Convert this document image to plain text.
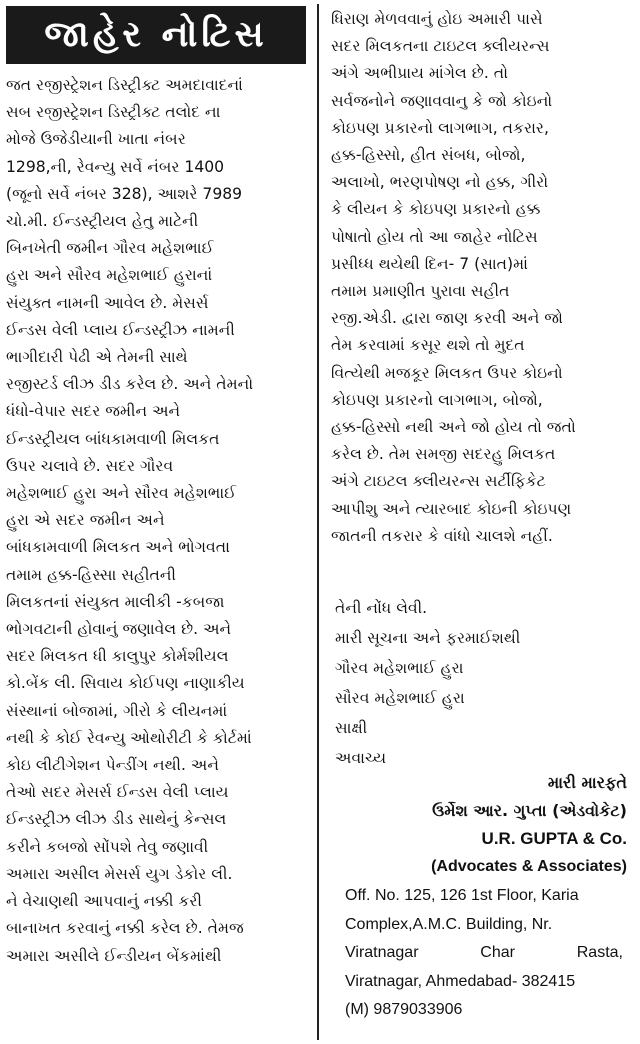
જાહેર નોટિસ
જત રજીસ્ટ્રેશન ડિસ્ટ્રીક્ટ અમદાવાદનાં
સબ રજીસ્ટ્રેશન ડિસ્ટ્રીક્ટ તલોદ ના
મોજે ઉજેડીયાની ખાતા નંબર
1298,ની, રેવન્યુ સર્વે નંબર 1400
(જૂનો સર્વે નંબર 328), આશરે 7989
ચો.મી. ઈન્ડસ્ટ્રીયલ હેતુ માટેની
બિનખેતી જમીન ગૌરવ મહેશભાઈ
હુરા અને સૌરવ મહેશભાઈ હુરાનાં
સંયુક્ત નામની આવેલ છે. મેસર્સ
ઈન્ડસ વેલી પ્લાય ઈન્ડસ્ટ્રીઝ નામની
ભાગીદારી પેઢી એ તેમની સાથે
રજીસ્ટર્ડ લીઝ ડીડ કરેલ છે. અને તેમનો
ધંધો-વેપાર સદર જમીન અને
ઈન્ડસ્ટ્રીયલ બાંધકામવાળી મિલકત
ઉપર ચલાવે છે. સદર ગૌરવ
મહેશભાઈ હુરા અને સૌરવ મહેશભાઈ
હુરા એ સદર જમીન અને
બાંધકામવાળી મિલકત અને ભોગવતા
તમામ હક્ક-હિસ્સા સહીતની
મિલકતનાં સંયુક્ત માલીકી -કબજા
ભોગવટાની હોવાનું જણાવેલ છે. અને
સદર મિલકત ધી કાલુપુર કોર્મશીયલ
કો.બેંક લી. સિવાય કોઈપણ નાણાકીય
સંસ્થાનાં બોજામાં, ગીરો કે લીયનમાં
નથી કે કોઈ રેવન્યુ ઓથોરીટી કે કોર્ટમાં
કોઇ લીટીગેશન પેન્ડીંગ નથી. અને
તેઓ સદર મેસર્સ ઈન્ડસ વેલી પ્લાય
ઈન્ડસ્ટ્રીઝ લીઝ ડીડ સાથેનું કેન્સલ
કરીને કબજો સોંપશે તેવુ જણાવી
અમારા અસીલ મેસર્સ યુગ ડેકોર લી.
ને વેચાણથી આપવાનું નક્કી કરી
બાનાખત કરવાનું નક્કી કરેલ છે. તેમજ
અમારા અસીલે ઈન્ડીયન બેંકમાંથી
ધિરાણ મેળવવાનું હોઇ અમારી પાસે
સદર મિલકતના ટાઇટલ ક્લીયરન્સ
અંગે અભીપ્રાય માંગેલ છે. તો
સર્વજનોને જણાવવાનુ કે જો કોઇનો
કોઇપણ પ્રકારનો લાગભાગ, તકરાર,
હક્ક-હિસ્સો, હીત સંબધ, બોજો,
અલાખો, ભરણપોષણ નો હક્ક, ગીરો
કે લીયન કે કોઇપણ પ્રકારનો હક્ક
પોષાતો હોય તો આ જાહેર નોટિસ
પ્રસીધ્ધ થયેથી દિન- 7 (સાત)માં
તમામ પ્રમાણીત પુરાવા સહીત
રજી.એડી. દ્વારા જાણ કરવી અને જો
તેમ કરવામાં કસૂર થશે તો મુદત
વિત્યેથી મજકૂર મિલકત ઉપર કોઇનો
કોઇપણ પ્રકારનો લાગભાગ, બોજો,
હક્ક-હિસ્સો નથી અને જો હોય તો જતો
કરેલ છે. તેમ સમજી સદરહુ મિલકત
અંગે ટાઇટલ ક્લીયરન્સ સર્ટીફિકેટ
આપીશુ અને ત્યારબાદ કોઇની કોઇપણ
જાતની તકરાર કે વાંધો ચાલશે નહીં.
તેની નોંધ લેવી.
મારી સૂચના અને ફરમાઈશથી
ગૌરવ મહેશભાઈ હુરા
સૌરવ મહેશભાઈ હુરા
સાક્ષી
અવાચ્ય
મારી મારફતે
ઉર્મેશ આર. ગુપ્તા (એડવોકેટ)
U.R. GUPTA & Co.
(Advocates & Associates)
Off. No. 125, 126 1st Floor, Karia
Complex,A.M.C. Building, Nr.
Viratnagar	Char	Rasta,
Viratnagar, Ahmedabad- 382415
(M) 9879033906
